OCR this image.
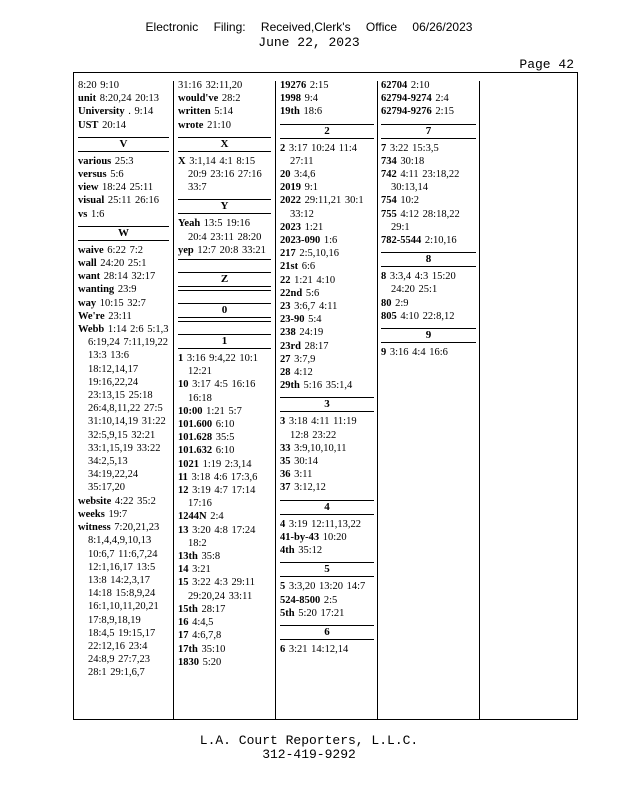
Electronic Filing: Received,Clerk's Office 06/26/2023
June 22, 2023
Page 42
8:20 9:10
unit 8:20,24 20:13
University . 9:14
UST 20:14
V
various 25:3
versus 5:6
view 18:24 25:11
visual 25:11 26:16
vs 1:6
W
waive 6:22 7:2
wall 24:20 25:1
want 28:14 32:17
wanting 23:9
way 10:15 32:7
We're 23:11
Webb 1:14 2:6 5:1,3 6:19,24 7:11,19,22 13:3 13:6 18:12,14,17 19:16,22,24 23:13,15 25:18 26:4,8,11,22 27:5 31:10,14,19 31:22 32:5,9,15 32:21 33:1,15,19 33:22 34:2,5,13 34:19,22,24 35:17,20
website 4:22 35:2
weeks 19:7
witness 7:20,21,23 8:1,4,4,9,10,13 10:6,7 11:6,7,24 12:1,16,17 13:5 13:8 14:2,3,17 14:18 15:8,9,24 16:1,10,11,20,21 17:8,9,18,19 18:4,5 19:15,17 22:12,16 23:4 24:8,9 27:7,23 28:1 29:1,6,7
31:16 32:11,20
would've 28:2
written 5:14
wrote 21:10
X
X 3:1,14 4:1 8:15 20:9 23:16 27:16 33:7
Y
Yeah 13:5 19:16 20:4 23:11 28:20
yep 12:7 20:8 33:21
Z
0
1
1 3:16 9:4,22 10:1 12:21
10 3:17 4:5 16:16 16:18
10:00 1:21 5:7
101.600 6:10
101.628 35:5
101.632 6:10
1021 1:19 2:3,14
11 3:18 4:6 17:3,6
12 3:19 4:7 17:14 17:16
1244N 2:4
13 3:20 4:8 17:24 18:2
13th 35:8
14 3:21
15 3:22 4:3 29:11 29:20,24 33:11
15th 28:17
16 4:4,5
17 4:6,7,8
17th 35:10
1830 5:20
19276 2:15
1998 9:4
19th 18:6
2
2 3:17 10:24 11:4 27:11
20 3:4,6
2019 9:1
2022 29:11,21 30:1 33:12
2023 1:21
2023-090 1:6
217 2:5,10,16
21st 6:6
22 1:21 4:10
22nd 5:6
23 3:6,7 4:11
23-90 5:4
238 24:19
23rd 28:17
27 3:7,9
28 4:12
29th 5:16 35:1,4
3
3 3:18 4:11 11:19 12:8 23:22
33 3:9,10,10,11
35 30:14
36 3:11
37 3:12,12
4
4 3:19 12:11,13,22
41-by-43 10:20
4th 35:12
5
5 3:3,20 13:20 14:7
524-8500 2:5
5th 5:20 17:21
6
6 3:21 14:12,14
62704 2:10
62794-9274 2:4
62794-9276 2:15
7
7 3:22 15:3,5
734 30:18
742 4:11 23:18,22 30:13,14
754 10:2
755 4:12 28:18,22 29:1
782-5544 2:10,16
8
8 3:3,4 4:3 15:20 24:20 25:1
80 2:9
805 4:10 22:8,12
9
9 3:16 4:4 16:6
L.A. Court Reporters, L.L.C.
312-419-9292
